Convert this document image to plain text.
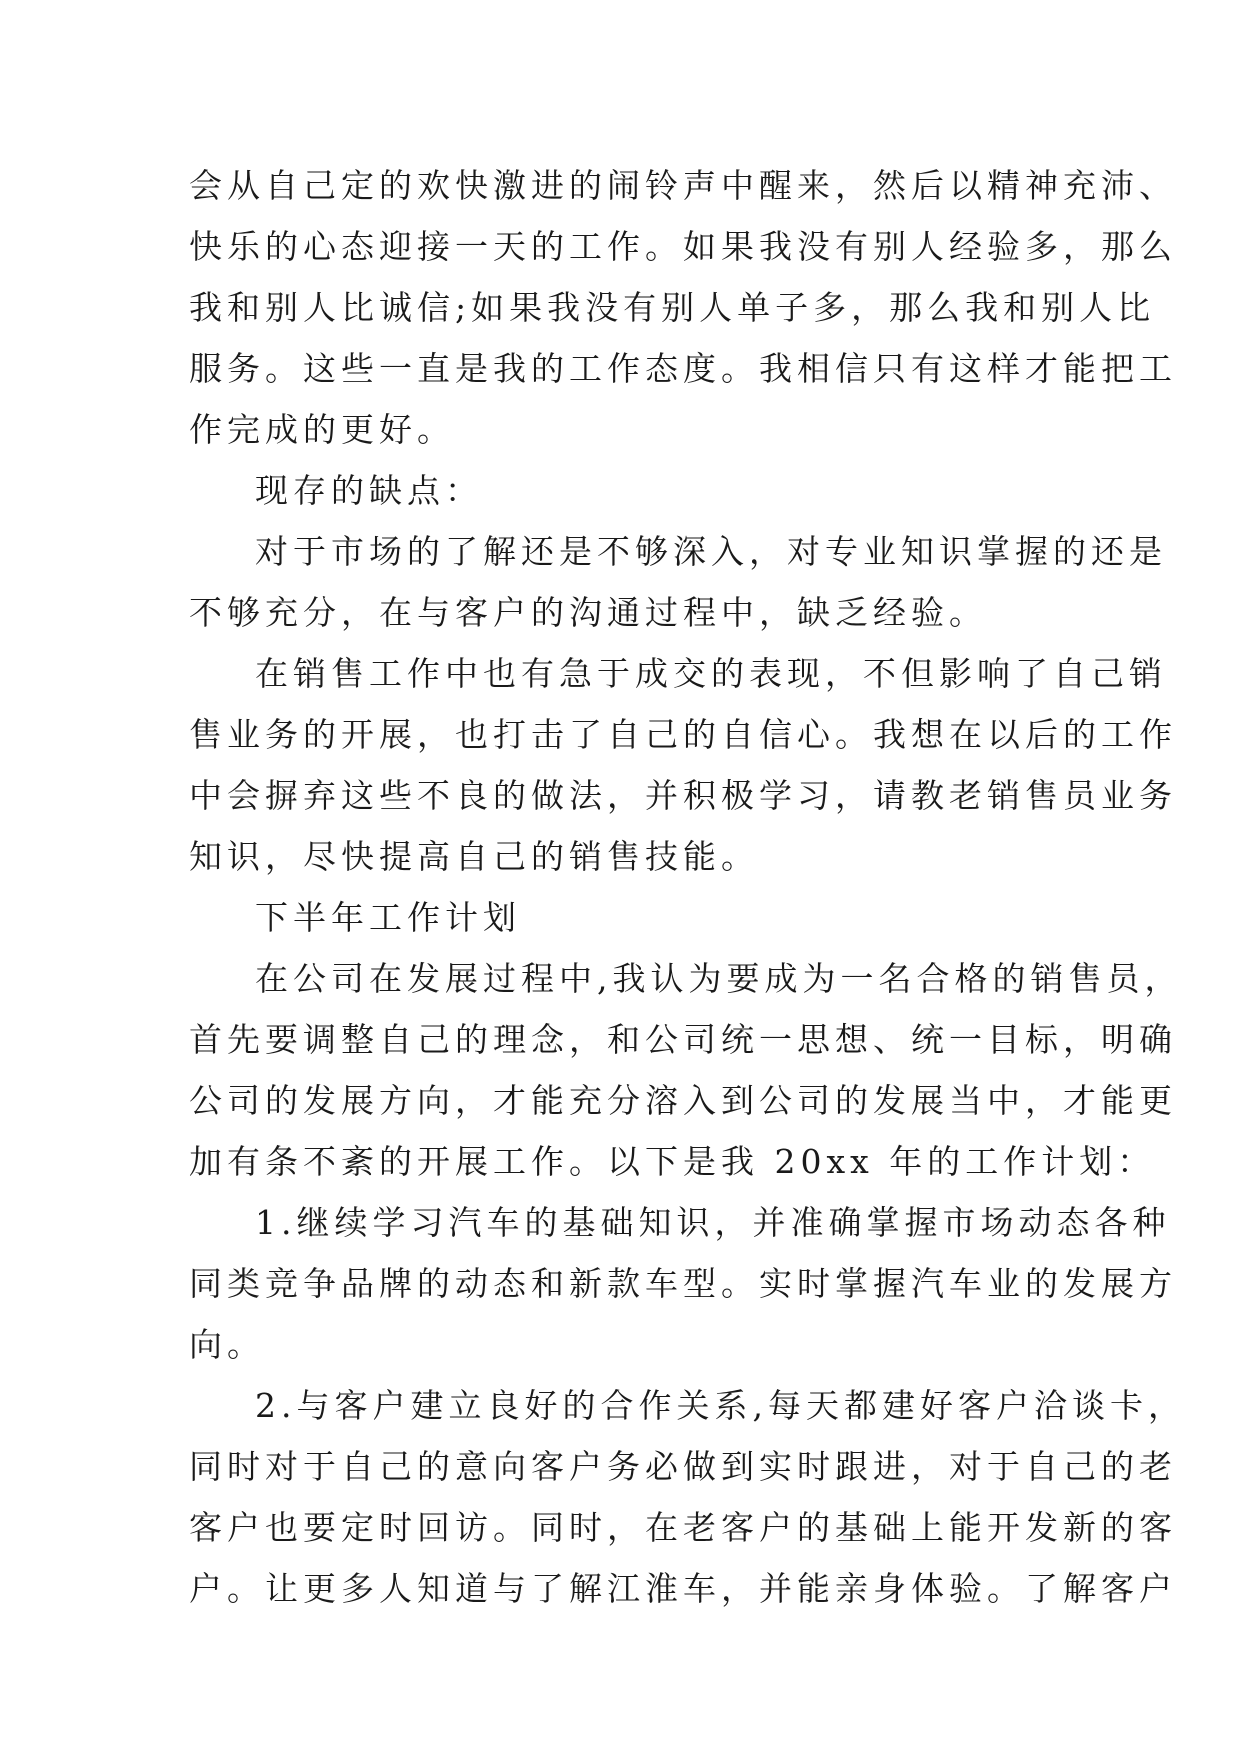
会从自己定的欢快激进的闹铃声中醒来，然后以精神充沛、
快乐的心态迎接一天的工作。如果我没有别人经验多，那么
我和别人比诚信;如果我没有别人单子多，那么我和别人比
服务。这些一直是我的工作态度。我相信只有这样才能把工
作完成的更好。
现存的缺点：
对于市场的了解还是不够深入，对专业知识掌握的还是
不够充分，在与客户的沟通过程中，缺乏经验。
在销售工作中也有急于成交的表现，不但影响了自己销
售业务的开展，也打击了自己的自信心。我想在以后的工作
中会摒弃这些不良的做法，并积极学习，请教老销售员业务
知识，尽快提高自己的销售技能。
下半年工作计划
在公司在发展过程中,我认为要成为一名合格的销售员，
首先要调整自己的理念，和公司统一思想、统一目标，明确
公司的发展方向，才能充分溶入到公司的发展当中，才能更
加有条不紊的开展工作。以下是我 20xx 年的工作计划：
1.继续学习汽车的基础知识，并准确掌握市场动态各种
同类竞争品牌的动态和新款车型。实时掌握汽车业的发展方
向。
2.与客户建立良好的合作关系,每天都建好客户洽谈卡，
同时对于自己的意向客户务必做到实时跟进，对于自己的老
客户也要定时回访。同时，在老客户的基础上能开发新的客
户。让更多人知道与了解江淮车，并能亲身体验。了解客户
